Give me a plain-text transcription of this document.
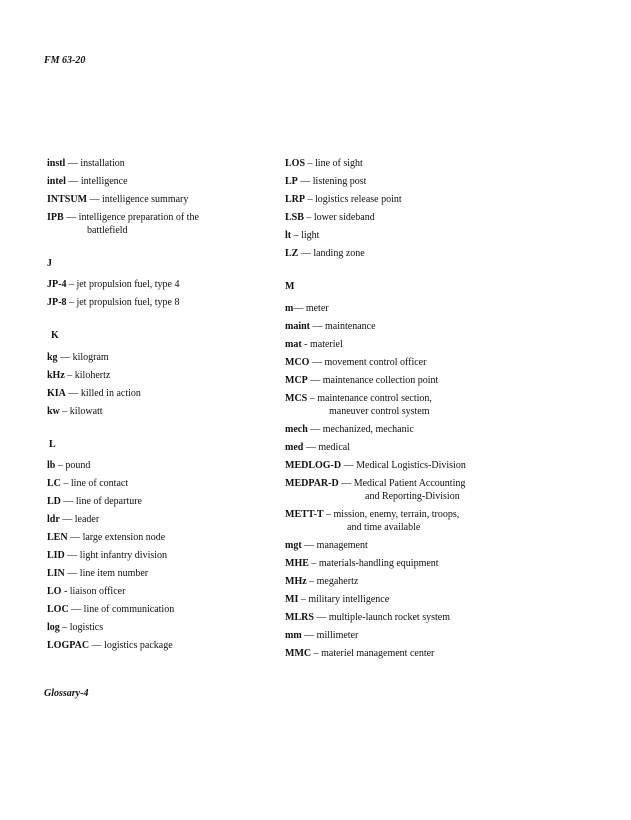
FM 63-20
instl — installation
intel — intelligence
INTSUM — intelligence summary
IPB — intelligence preparation of the
battlefield
J
JP-4 – jet propulsion fuel, type 4
JP-8 – jet propulsion fuel, type 8
K
kg — kilogram
kHz – kilohertz
KIA — killed in action
kw – kilowatt
L
lb – pound
LC – line of contact
LD — line of departure
ldr — leader
LEN — large extension node
LID — light infantry division
LIN — line item number
LO - liaison officer
LOC — line of communication
log – logistics
LOGPAC — logistics package
LOS – line of sight
LP — listening post
LRP – logistics release point
LSB – lower sideband
lt – light
LZ — landing zone
M
m— meter
maint — maintenance
mat - materiel
MCO — movement control officer
MCP — maintenance collection point
MCS – maintenance control section,
maneuver control system
mech — mechanized, mechanic
med — medical
MEDLOG-D — Medical Logistics-Division
MEDPAR-D — Medical Patient Accounting
and Reporting-Division
METT-T – mission, enemy, terrain, troops,
and time available
mgt — management
MHE – materials-handling equipment
MHz – megahertz
MI – military intelligence
MLRS — multiple-launch rocket system
mm — millimeter
MMC – materiel management center
Glossary-4
